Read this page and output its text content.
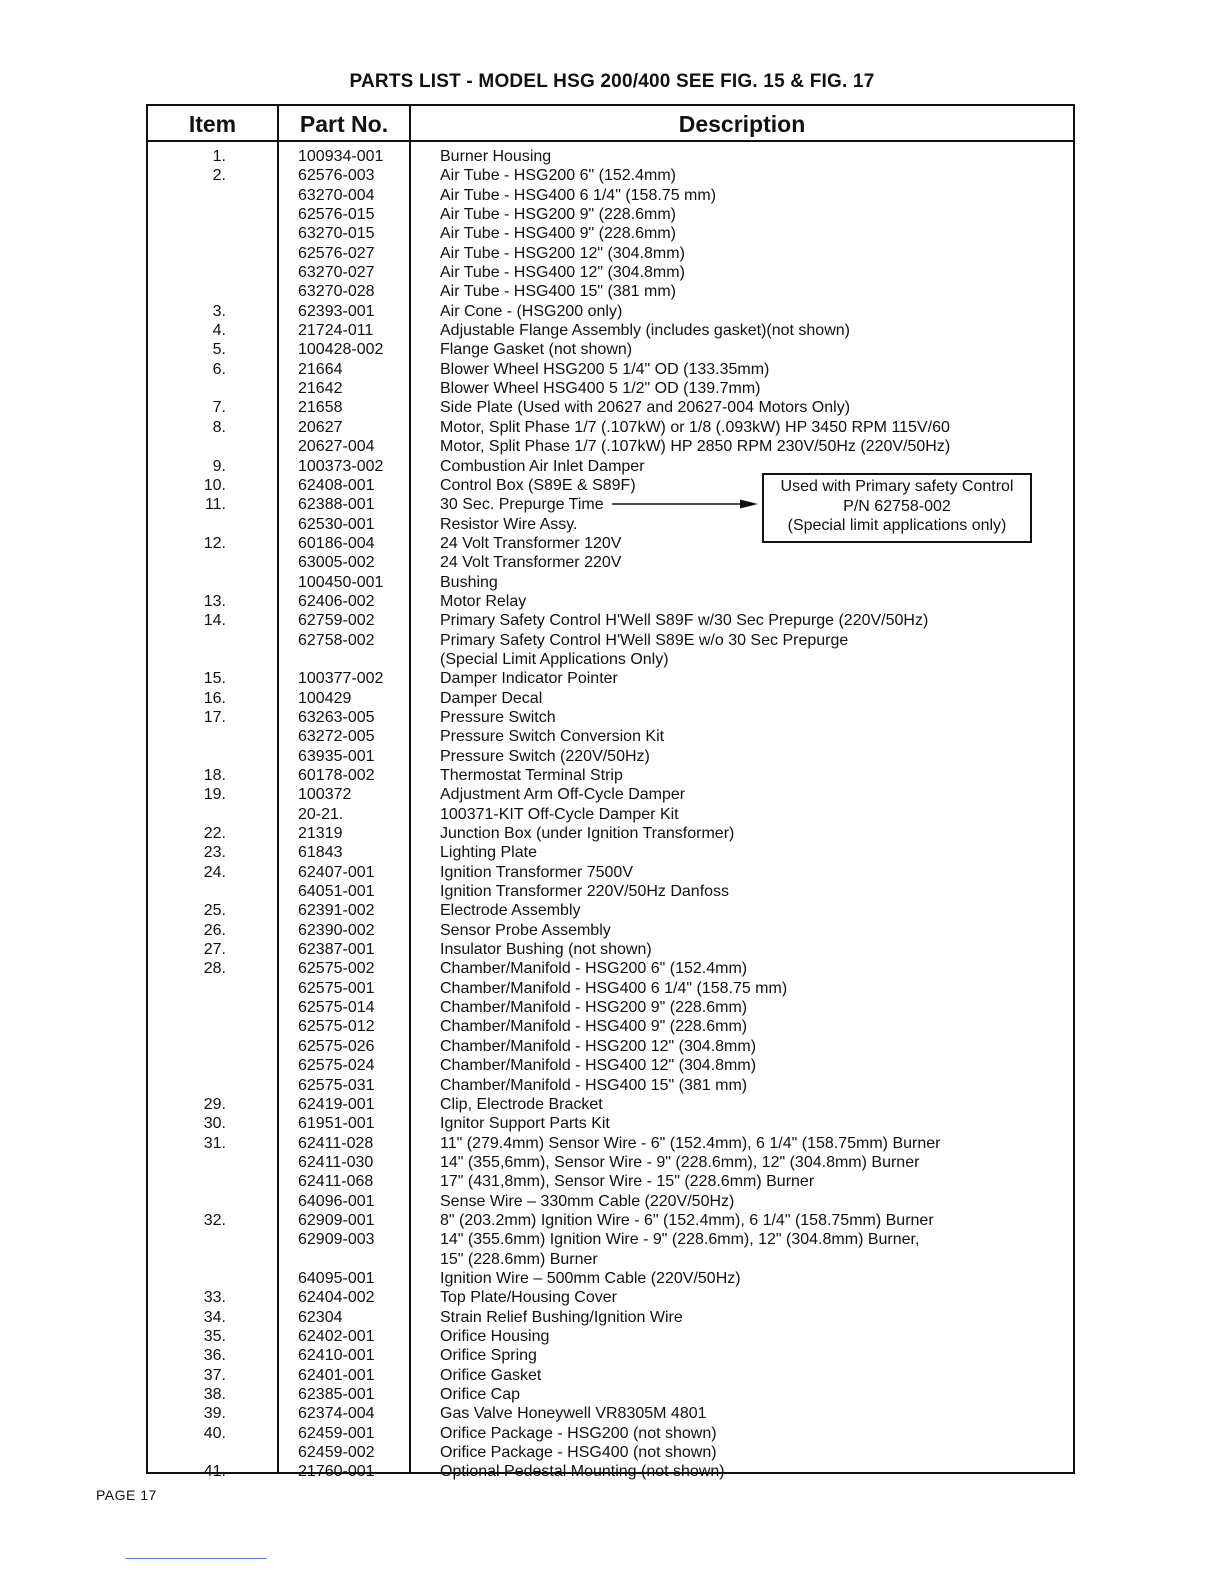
PARTS LIST - MODEL HSG 200/400 SEE FIG. 15 & FIG. 17
Item	Part No.	Description
1.	100934-001	Burner Housing
2.	62576-003	Air Tube - HSG200 6" (152.4mm)
63270-004	Air Tube - HSG400 6 1/4" (158.75 mm)
62576-015	Air Tube - HSG200 9" (228.6mm)
63270-015	Air Tube - HSG400 9" (228.6mm)
62576-027	Air Tube - HSG200 12" (304.8mm)
63270-027	Air Tube - HSG400 12" (304.8mm)
63270-028	Air Tube - HSG400 15" (381 mm)
3.	62393-001	Air Cone - (HSG200 only)
4.	21724-011	Adjustable Flange Assembly (includes gasket)(not shown)
5.	100428-002	Flange Gasket (not shown)
6.	21664	Blower Wheel HSG200 5 1/4" OD (133.35mm)
21642	Blower Wheel HSG400 5 1/2" OD (139.7mm)
7.	21658	Side Plate (Used with 20627 and 20627-004 Motors Only)
8.	20627	Motor, Split Phase 1/7 (.107kW) or 1/8 (.093kW) HP 3450 RPM 115V/60
20627-004	Motor, Split Phase 1/7 (.107kW) HP 2850 RPM 230V/50Hz (220V/50Hz)
9.	100373-002	Combustion Air Inlet Damper
10.	62408-001	Control Box (S89E & S89F)
11.	62388-001	30 Sec. Prepurge Time
62530-001	Resistor Wire Assy.
12.	60186-004	24 Volt Transformer 120V
63005-002	24 Volt Transformer 220V
100450-001	Bushing
13.	62406-002	Motor Relay
14.	62759-002	Primary Safety Control H'Well S89F w/30 Sec Prepurge (220V/50Hz)
62758-002	Primary Safety Control H'Well S89E w/o 30 Sec Prepurge
(Special Limit Applications Only)
15.	100377-002	Damper Indicator Pointer
16.	100429	Damper Decal
17.	63263-005	Pressure Switch
63272-005	Pressure Switch Conversion Kit
63935-001	Pressure Switch (220V/50Hz)
18.	60178-002	Thermostat Terminal Strip
19.	100372	Adjustment Arm Off-Cycle Damper
20-21.	100371-KIT Off-Cycle Damper Kit
22.	21319	Junction Box (under Ignition Transformer)
23.	61843	Lighting Plate
24.	62407-001	Ignition Transformer 7500V
64051-001	Ignition Transformer 220V/50Hz Danfoss
25.	62391-002	Electrode Assembly
26.	62390-002	Sensor Probe Assembly
27.	62387-001	Insulator Bushing (not shown)
28.	62575-002	Chamber/Manifold - HSG200 6" (152.4mm)
62575-001	Chamber/Manifold - HSG400 6 1/4" (158.75 mm)
62575-014	Chamber/Manifold - HSG200 9" (228.6mm)
62575-012	Chamber/Manifold - HSG400 9" (228.6mm)
62575-026	Chamber/Manifold - HSG200 12" (304.8mm)
62575-024	Chamber/Manifold - HSG400 12" (304.8mm)
62575-031	Chamber/Manifold - HSG400 15" (381 mm)
29.	62419-001	Clip, Electrode Bracket
30.	61951-001	Ignitor Support Parts Kit
31.	62411-028	11" (279.4mm) Sensor Wire - 6" (152.4mm), 6 1/4" (158.75mm) Burner
62411-030	14" (355,6mm), Sensor Wire - 9" (228.6mm), 12" (304.8mm) Burner
62411-068	17" (431,8mm), Sensor Wire - 15" (228.6mm) Burner
64096-001	Sense Wire – 330mm Cable (220V/50Hz)
32.	62909-001	8" (203.2mm) Ignition Wire - 6" (152.4mm), 6 1/4" (158.75mm) Burner
62909-003	14" (355.6mm) Ignition Wire - 9" (228.6mm), 12" (304.8mm) Burner,
15" (228.6mm) Burner
64095-001	Ignition Wire – 500mm Cable (220V/50Hz)
33.	62404-002	Top Plate/Housing Cover
34.	62304	Strain Relief Bushing/Ignition Wire
35.	62402-001	Orifice Housing
36.	62410-001	Orifice Spring
37.	62401-001	Orifice Gasket
38.	62385-001	Orifice Cap
39.	62374-004	Gas Valve Honeywell VR8305M 4801
40.	62459-001	Orifice Package - HSG200 (not shown)
62459-002	Orifice Package - HSG400 (not shown)
41.	21760-001	Optional Pedestal Mounting (not shown)
Used with Primary safety Control
P/N 62758-002
(Special limit applications only)
PAGE 17
